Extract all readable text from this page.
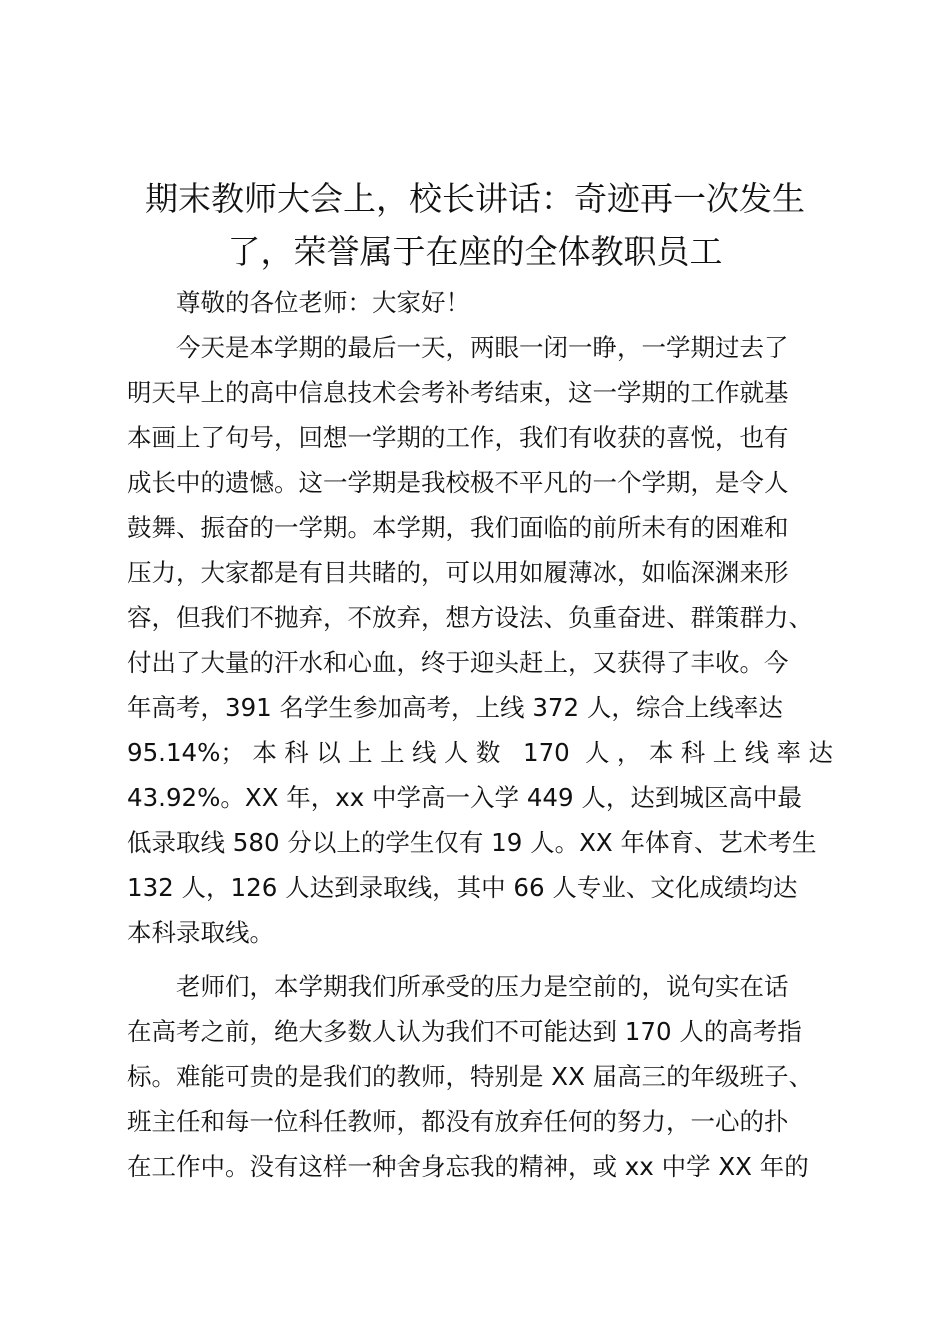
期末教师大会上，校长讲话：奇迹再一次发生
了，荣誉属于在座的全体教职员工
尊敬的各位老师：大家好！
今天是本学期的最后一天，两眼一闭一睁，一学期过去了
明天早上的高中信息技术会考补考结束，这一学期的工作就基
本画上了句号，回想一学期的工作，我们有收获的喜悦，也有
成长中的遗憾。这一学期是我校极不平凡的一个学期，是令人
鼓舞、振奋的一学期。本学期，我们面临的前所未有的困难和
压力，大家都是有目共睹的，可以用如履薄冰，如临深渊来形
容，但我们不抛弃，不放弃，想方设法、负重奋进、群策群力、
付出了大量的汗水和心血，终于迎头赶上，又获得了丰收。今
年高考，391 名学生参加高考，上线 372 人，综合上线率达
95.14%；本科以上上线人数 170 人，本科上线率达
43.92%。XX 年，xx 中学高一入学 449 人，达到城区高中最
低录取线 580 分以上的学生仅有 19 人。XX 年体育、艺术考生
132 人，126 人达到录取线，其中 66 人专业、文化成绩均达
本科录取线。
老师们，本学期我们所承受的压力是空前的，说句实在话
在高考之前，绝大多数人认为我们不可能达到 170 人的高考指
标。难能可贵的是我们的教师，特别是 XX 届高三的年级班子、
班主任和每一位科任教师，都没有放弃任何的努力，一心的扑
在工作中。没有这样一种舍身忘我的精神，或 xx 中学 XX 年的
